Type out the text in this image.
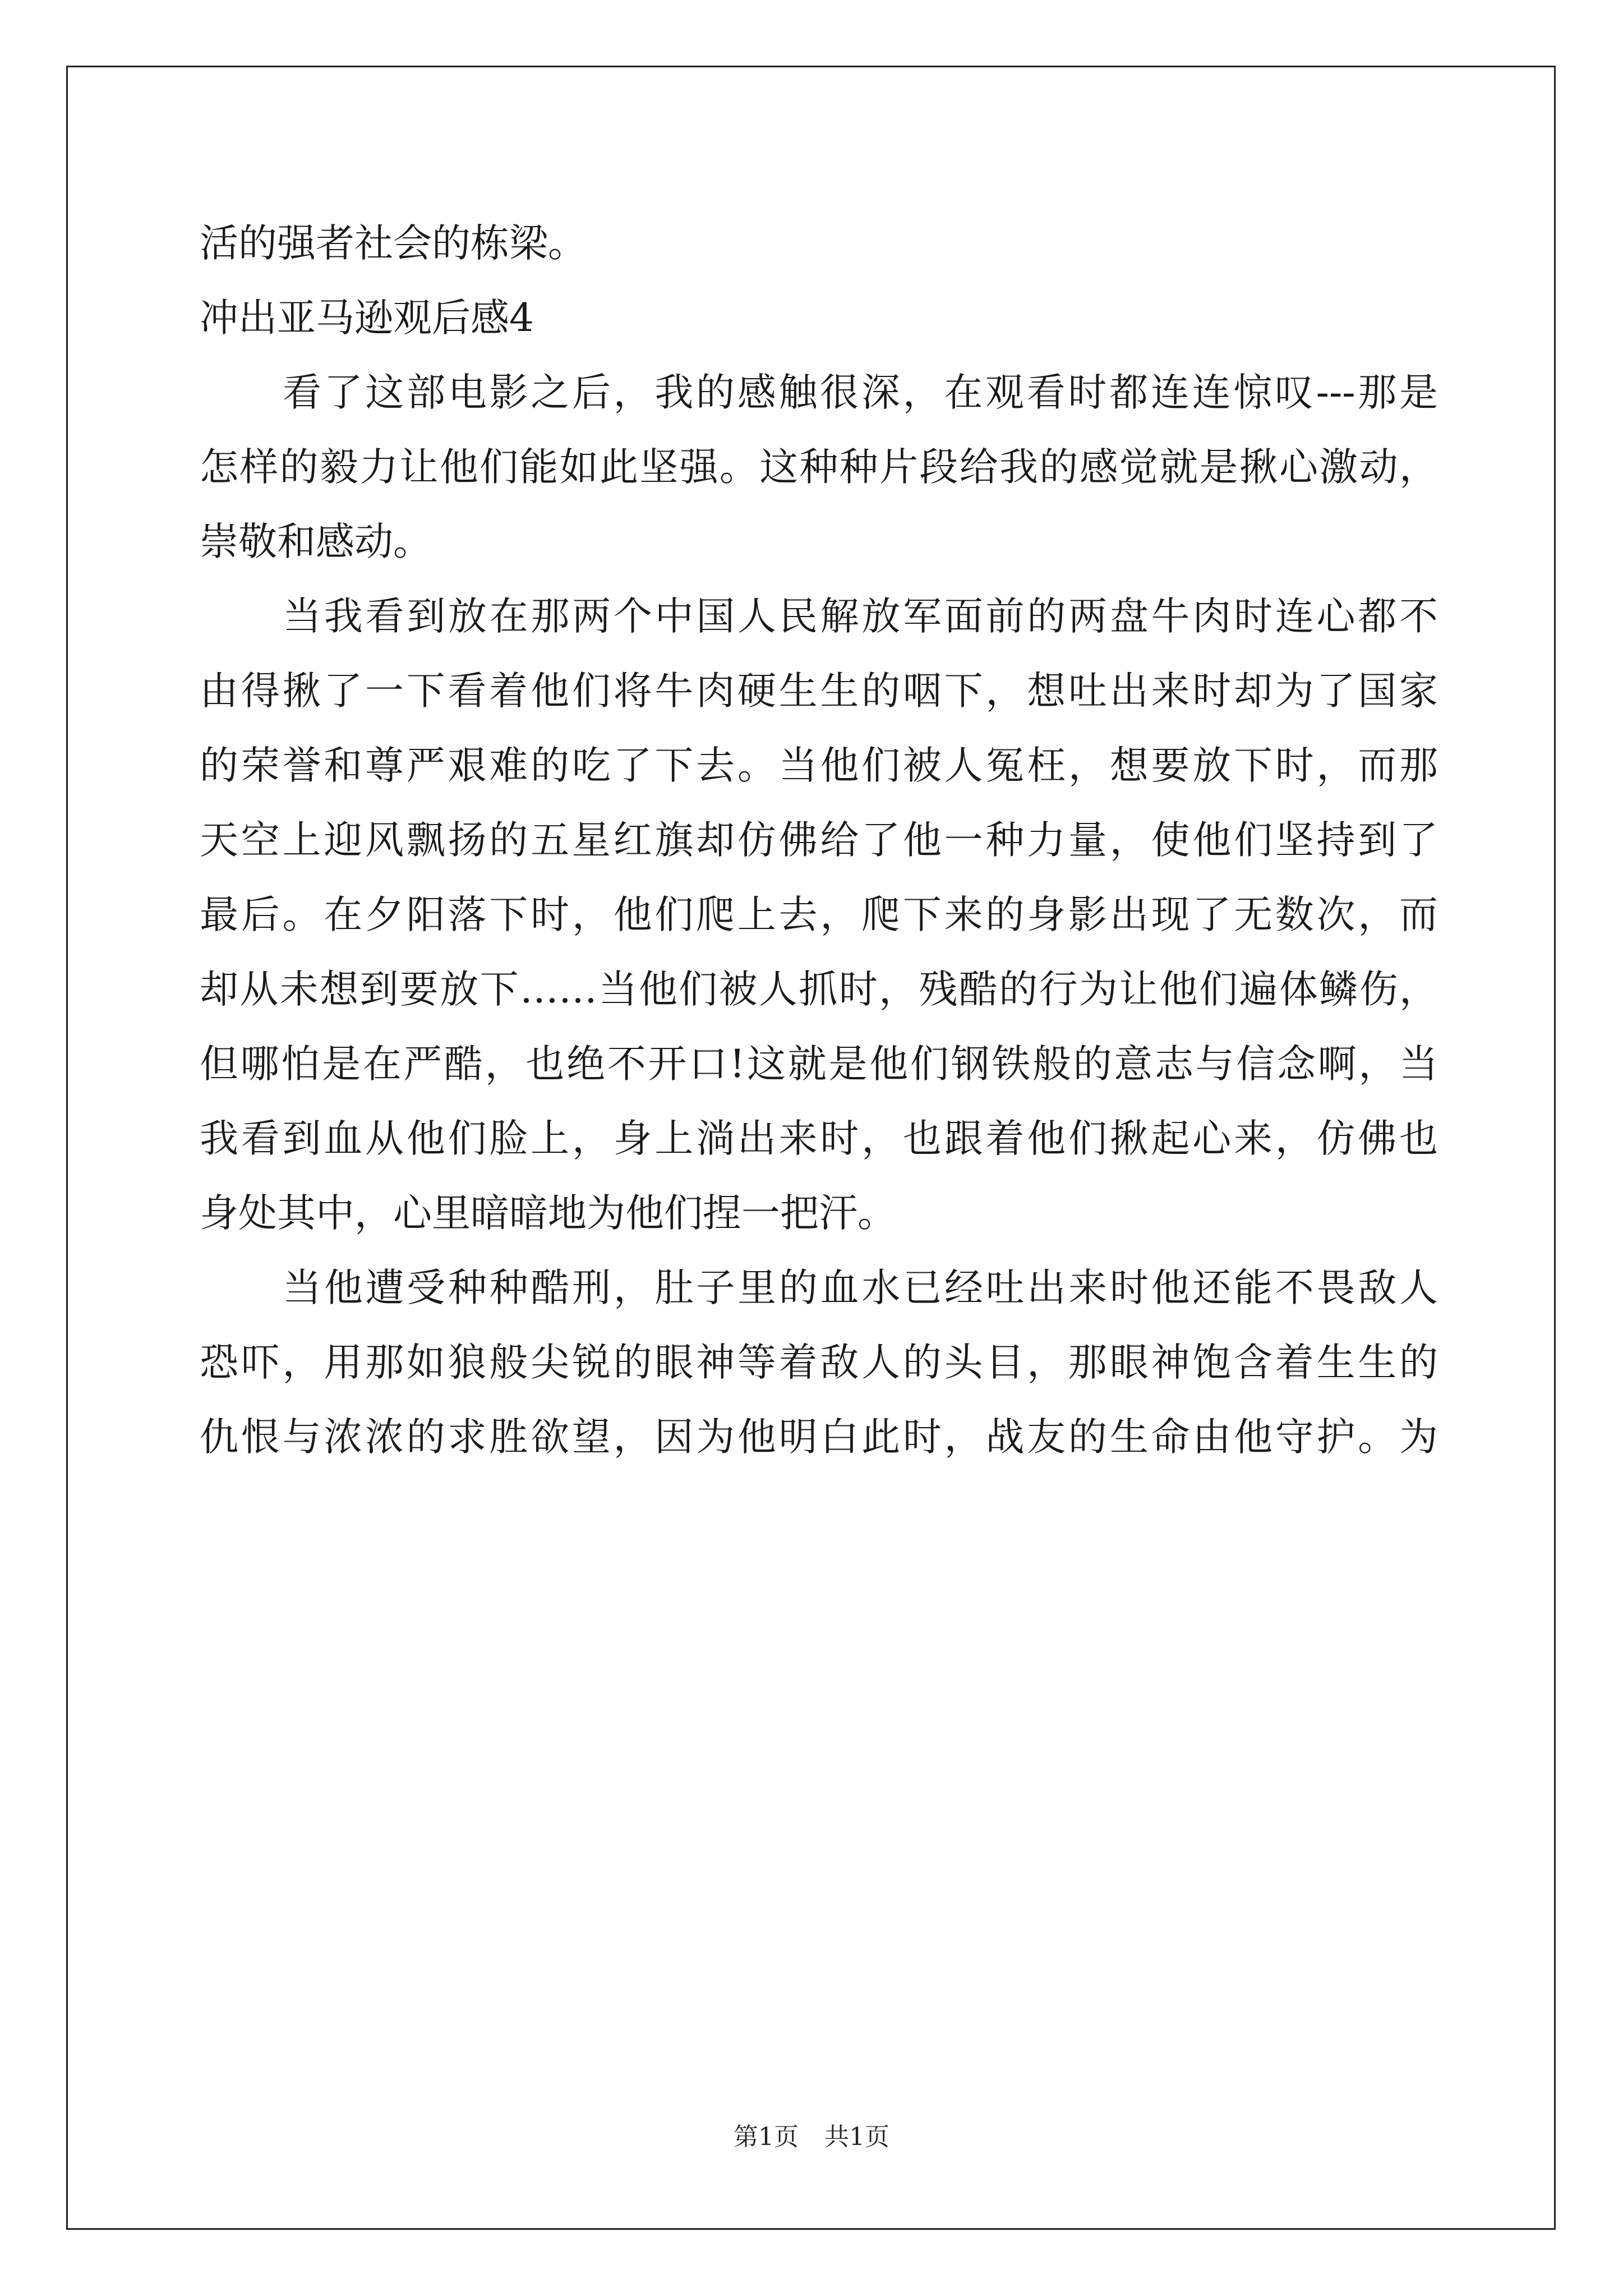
活的强者社会的栋梁。
冲出亚马逊观后感4
看了这部电影之后，我的感触很深，在观看时都连连惊叹---那是
怎样的毅力让他们能如此坚强。这种种片段给我的感觉就是揪心激动，
崇敬和感动。
当我看到放在那两个中国人民解放军面前的两盘牛肉时连心都不
由得揪了一下看着他们将牛肉硬生生的咽下，想吐出来时却为了国家
的荣誉和尊严艰难的吃了下去。当他们被人冤枉，想要放下时，而那
天空上迎风飘扬的五星红旗却仿佛给了他一种力量，使他们坚持到了
最后。在夕阳落下时，他们爬上去，爬下来的身影出现了无数次，而
却从未想到要放下……当他们被人抓时，残酷的行为让他们遍体鳞伤，
但哪怕是在严酷，也绝不开口!这就是他们钢铁般的意志与信念啊，当
我看到血从他们脸上，身上淌出来时，也跟着他们揪起心来，仿佛也
身处其中，心里暗暗地为他们捏一把汗。
当他遭受种种酷刑，肚子里的血水已经吐出来时他还能不畏敌人
恐吓，用那如狼般尖锐的眼神等着敌人的头目，那眼神饱含着生生的
仇恨与浓浓的求胜欲望，因为他明白此时，战友的生命由他守护。为
第1页 共1页
